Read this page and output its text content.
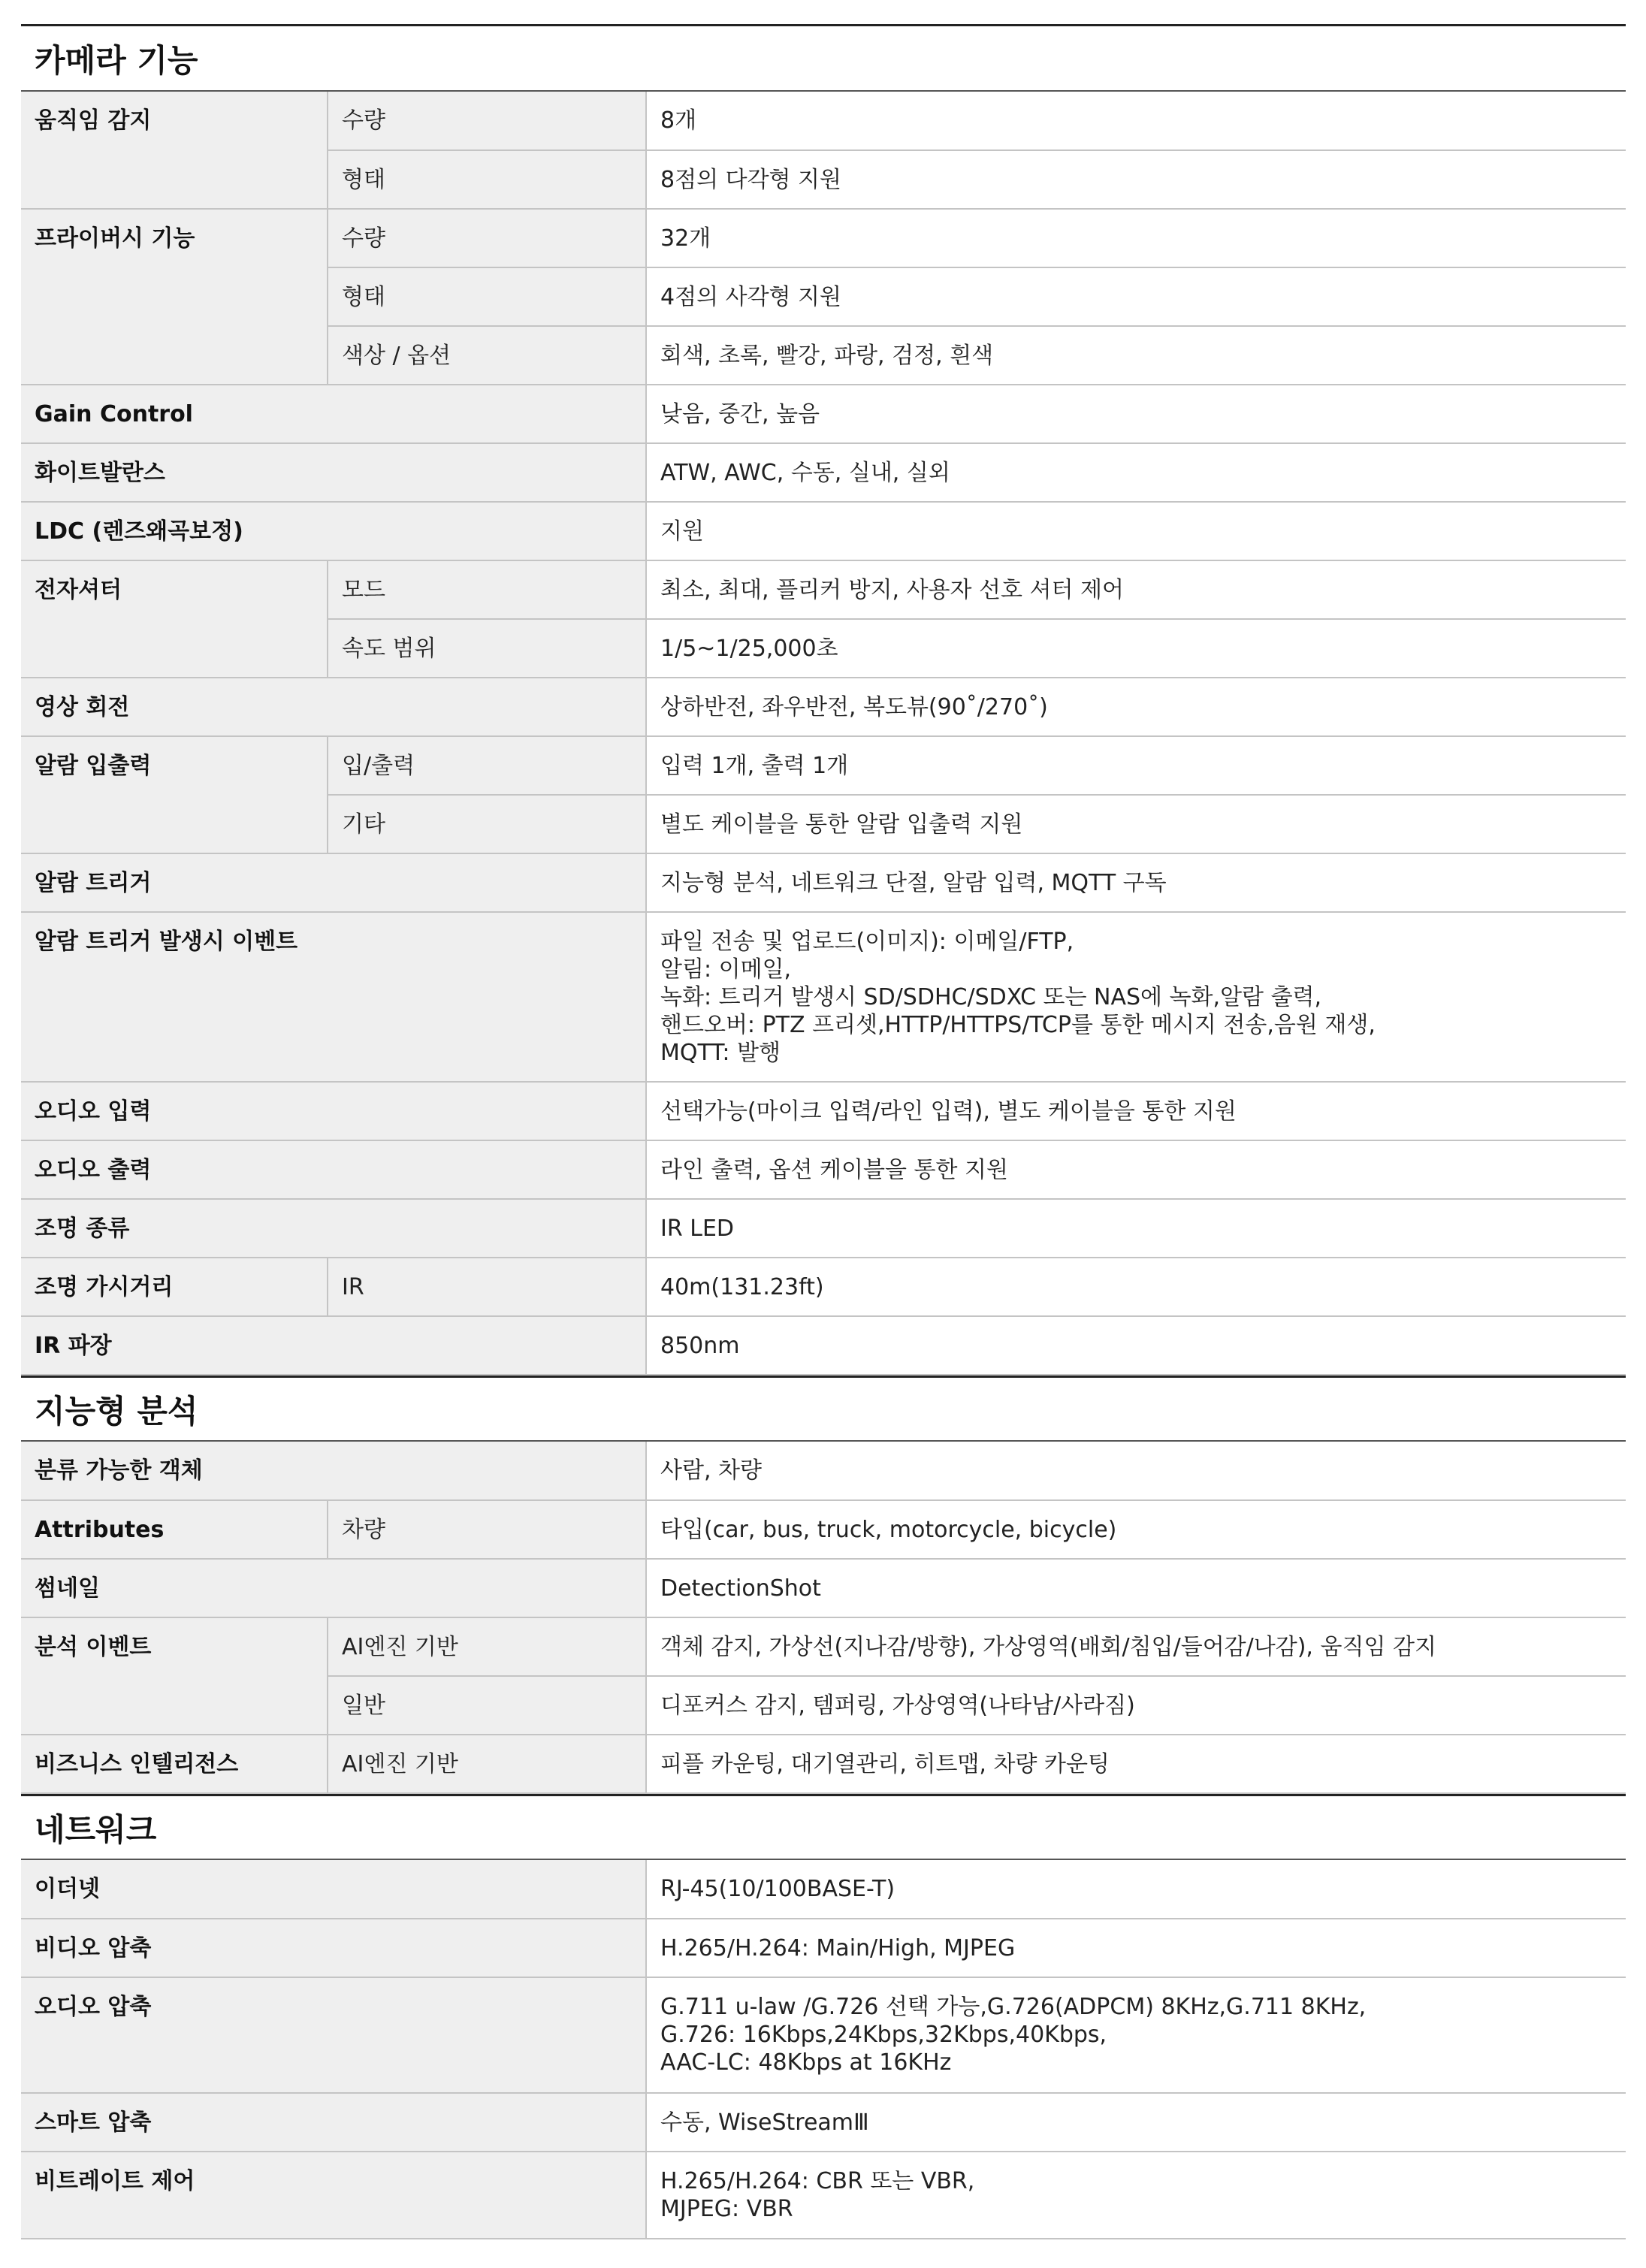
카메라 기능
움직임 감지	수량	8개
	형태	8점의 다각형 지원
프라이버시 기능	수량	32개
	형태	4점의 사각형 지원
	색상 / 옵션	회색, 초록, 빨강, 파랑, 검정, 흰색
Gain Control		낮음, 중간, 높음
화이트발란스		ATW, AWC, 수동, 실내, 실외
LDC (렌즈왜곡보정)		지원
전자셔터	모드	최소, 최대, 플리커 방지, 사용자 선호 셔터 제어
	속도 범위	1/5~1/25,000초
영상 회전		상하반전, 좌우반전, 복도뷰(90˚/270˚)
알람 입출력	입/출력	입력 1개, 출력 1개
	기타	별도 케이블을 통한 알람 입출력 지원
알람 트리거		지능형 분석, 네트워크 단절, 알람 입력, MQTT 구독
알람 트리거 발생시 이벤트		파일 전송 및 업로드(이미지): 이메일/FTP,
알림: 이메일,
녹화: 트리거 발생시 SD/SDHC/SDXC 또는 NAS에 녹화,알람 출력,
핸드오버: PTZ 프리셋,HTTP/HTTPS/TCP를 통한 메시지 전송,음원 재생,
MQTT: 발행
오디오 입력		선택가능(마이크 입력/라인 입력), 별도 케이블을 통한 지원
오디오 출력		라인 출력, 옵션 케이블을 통한 지원
조명 종류		IR LED
조명 가시거리	IR	40m(131.23ft)
IR 파장		850nm
지능형 분석
분류 가능한 객체		사람, 차량
Attributes	차량	타입(car, bus, truck, motorcycle, bicycle)
썸네일		DetectionShot
분석 이벤트	AI엔진 기반	객체 감지, 가상선(지나감/방향), 가상영역(배회/침입/들어감/나감), 움직임 감지
	일반	디포커스 감지, 템퍼링, 가상영역(나타남/사라짐)
비즈니스 인텔리전스	AI엔진 기반	피플 카운팅, 대기열관리, 히트맵, 차량 카운팅
네트워크
이더넷	RJ-45(10/100BASE-T)
비디오 압축	H.265/H.264: Main/High, MJPEG
오디오 압축	G.711 u-law /G.726 선택 가능,G.726(ADPCM) 8KHz,G.711 8KHz,
G.726: 16Kbps,24Kbps,32Kbps,40Kbps,
AAC-LC: 48Kbps at 16KHz
스마트 압축	수동, WiseStreamⅢ
비트레이트 제어	H.265/H.264: CBR 또는 VBR,
MJPEG: VBR
